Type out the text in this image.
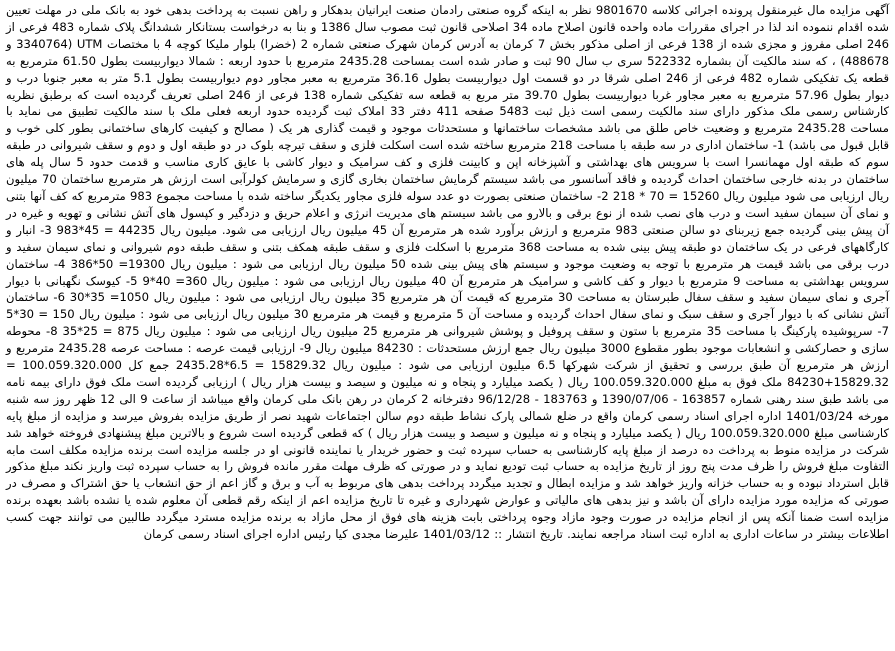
آگهی مزایده مال غیرمنقول پرونده اجرائی کلاسه 9801670 نظر به اینکه گروه صنعتی رادمان صنعت ایرانیان بدهکار و راهن نسبت به پرداخت بدهی خود به بانک ملی در مهلت تعیین شده اقدام ننموده اند لذا در اجرای مقررات ماده واحده قانون اصلاح ماده 34 اصلاحی قانون ثبت مصوب سال 1386 و بنا به درخواست بستانکار ششدانگ پلاک شماره 483 فرعی از 246 اصلی مفروز و مجزی شده از 138 فرعی از اصلی مذکور بخش 7 کرمان به آدرس کرمان شهرک صنعتی شماره 2 (خضرا) بلوار ملیکا کوچه 4 با مختصات UTM (3340764 و 488678) ، که سند مالکیت آن بشماره 522332 سری ب سال 90 ثبت و صادر شده است بمساحت 2435.28 مترمربع با حدود اربعه : شمالا دیواربیست بطول 61.50 مترمربع به قطعه یک تفکیکی شماره 482 فرعی از 246 اصلی شرقا در دو قسمت اول دیواربیست بطول 36.16 مترمربع به معبر مجاور دوم دیواربیست بطول 5.1 متر به معبر جنوبا درب و دیوار بطول 57.96 مترمربع به معبر مجاور غربا دیواربیست بطول 39.70 متر مربع به قطعه سه تفکیکی شماره 138 فرعی از 246 اصلی تعریف گردیده است که برطبق نظریه کارشناس رسمی ملک مذکور دارای سند مالکیت رسمی است ذیل ثبت 5483 صفحه 411 دفتر 33 املاک ثبت گردیده حدود اربعه فعلی ملک با سند مالکیت تطبیق می نماید با مساحت 2435.28 مترمربع و وضعیت خاص طلق می باشد مشخصات ساختمانها و مستحدثات موجود و قیمت گذاری هر یک ( مصالح و کیفیت کارهای ساختمانی بطور کلی خوب و قابل قبول می باشد) 1- ساختمان اداری در سه طبقه با مساحت 218 مترمربع ساخته شده است اسکلت فلزی و سقف تیرچه بلوک در دو طبقه اول و دوم و سقف شیروانی در طبقه سوم که طبقه اول مهمانسرا است با سرویس های بهداشتی و آشپزخانه اپن و کابینت فلزی و کف سرامیک و دیوار کاشی با عایق کاری مناسب و قدمت حدود 5 سال پله های ساختمان در بدنه خارجی ساختمان احداث گردیده و فاقد آسانسور می باشد سیستم گرمایش ساختمان بخاری گازی و سرمایش کولرآبی است ارزش هر مترمربع ساختمان 70 میلیون ریال ارزیابی می شود میلیون ریال 15260 = 70 * 218 2- ساختمان صنعتی بصورت دو عدد سوله فلزی مجاور یکدیگر ساخته شده با مساحت مجموع 983 مترمربع که کف آنها بتنی و نمای آن سیمان سفید است و درب های نصب شده از نوع برقی و بالارو می باشد سیستم های مدیریت انرژی و اعلام حریق و دزدگیر و کپسول های آتش نشانی و تهویه و غیره در آن پیش بینی گردیده جمع زیربنای دو سالن صنعتی 983 مترمربع و ارزش برآورد شده هر مترمربع آن 45 میلیون ریال ارزیابی می شود. میلیون ریال 44235 = 45*983 3- انبار و کارگاههای فرعی در یک ساختمان دو طبقه پیش بینی شده به مساحت 368 مترمربع با اسکلت فلزی و سقف طبقه همکف بتنی و سقف طبقه دوم شیروانی و نمای سیمان سفید و درب برقی می باشد قیمت هر مترمربع با توجه به وضعیت موجود و سیستم های پیش بینی شده 50 میلیون ریال ارزیابی می شود : میلیون ریال 19300= 50*386 4- ساختمان سرویس بهداشتی به مساحت 9 مترمربع با دیوار و کف کاشی و سرامیک هر مترمربع آن 40 میلیون ریال ارزیابی می شود : میلیون ریال 360= 40*9 5- کیوسک نگهبانی با دیوار آجری و نمای سیمان سفید و سقف سفال طبرستان به مساحت 30 مترمربع که قیمت آن هر مترمربع 35 میلیون ریال ارزیابی می شود : میلیون ریال 1050= 35*30 6- ساختمان آتش نشانی که با دیوار آجری و سقف سبک و نمای سفال احداث گردیده و مساحت آن 5 مترمربع و قیمت هر مترمربع 30 میلیون ریال ارزیابی می شود : میلیون ریال 150 = 30*5 7- سرپوشیده پارکینگ با مساحت 35 مترمربع با ستون و سقف پروفیل و پوشش شیروانی هر مترمربع 25 میلیون ریال ارزیابی می شود : میلیون ریال 875 = 25*35 8- محوطه سازی و حصارکشی و انشعابات موجود بطور مقطوع 3000 میلیون ریال جمع ارزش مستحدثات : 84230 میلیون ریال 9- ارزیابی قیمت عرصه : مساحت عرصه 2435.28 مترمربع و ارزش هر مترمربع آن طبق بررسی و تحقیق از شرکت شهرکها 6.5 میلیون ارزیابی می شود : میلیون ریال 15829.32 = 6.5*2435.28 جمع کل 100.059.320.000 = 15829.32+84230 ملک فوق به مبلغ 100.059.320.000 ریال ( یکصد میلیارد و پنجاه و نه میلیون و سیصد و بیست هزار ریال ) ارزیابی گردیده است ملک فوق دارای بیمه نامه می باشد طبق سند رهنی شماره 163857 - 1390/07/06 و 183763 - 96/12/28 دفترخانه 2 کرمان در رهن بانک ملی کرمان واقع میباشد از ساعت 9 الی 12 ظهر روز سه شنبه مورخه 1401/03/24 اداره اجرای اسناد رسمی کرمان واقع در ضلع شمالی پارک نشاط طبقه دوم سالن اجتماعات شهید نصر از طریق مزایده بفروش میرسد و مزایده از مبلغ پایه کارشناسی مبلغ 100.059.320.000 ریال ( یکصد میلیارد و پنجاه و نه میلیون و سیصد و بیست هزار ریال ) که قطعی گردیده است شروع و بالاترین مبلغ پیشنهادی فروخته خواهد شد شرکت در مزایده منوط به پرداخت ده درصد از مبلغ پایه کارشناسی به حساب سپرده ثبت و حضور خریدار یا نماینده قانونی او در جلسه مزایده است برنده مزایده مکلف است مابه التفاوت مبلغ فروش را ظرف مدت پنج روز از تاریخ مزایده به حساب ثبت تودیع نماید و در صورتی که ظرف مهلت مقرر مانده فروش را به حساب سپرده ثبت واریز نکند مبلغ مذکور قابل استرداد نبوده و به حساب خزانه واریز خواهد شد و مزایده ابطال و تجدید میگردد پرداخت بدهی های مربوط به آب و برق و گاز اعم از حق انشعاب یا حق اشتراک و مصرف در صورتی که مزایده مورد مزایده دارای آن باشد و نیز بدهی های مالیاتی و عوارض شهرداری و غیره تا تاریخ مزایده اعم از اینکه رقم قطعی آن معلوم شده یا نشده باشد بعهده برنده مزایده است ضمنا آنکه پس از انجام مزایده در صورت وجود مازاد وجوه پرداختی بابت هزینه های فوق از محل مازاد به برنده مزایده مسترد میگردد طالبین می توانند جهت کسب اطلاعات بیشتر در ساعات اداری به اداره ثبت اسناد مراجعه نمایند. تاریخ انتشار :: 1401/03/12 علیرضا مجدی کیا رئیس اداره اجرای اسناد رسمی کرمان
